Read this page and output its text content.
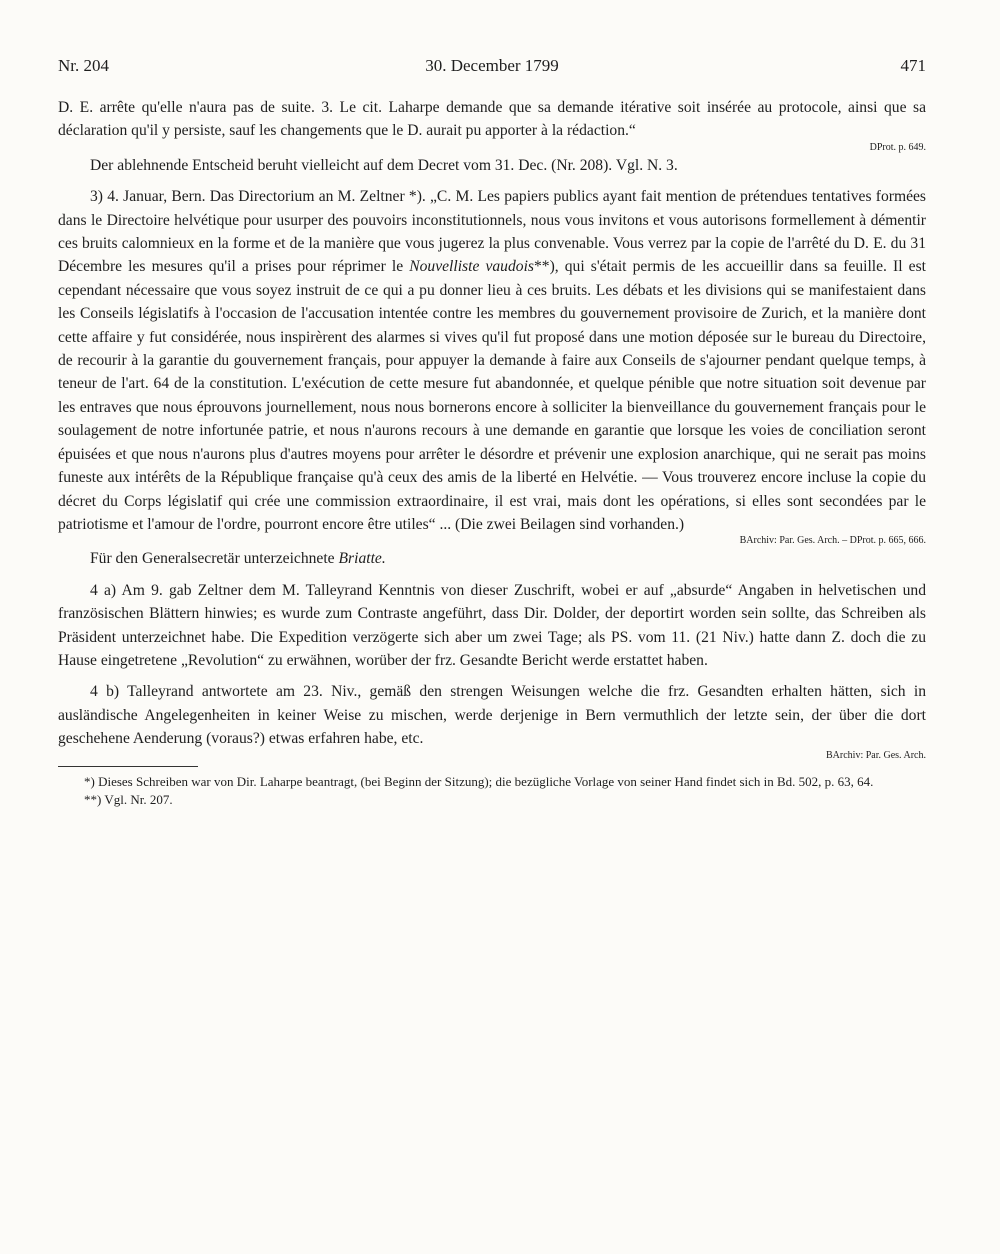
Nr. 204	30. December 1799	471

D. E. arrête qu'elle n'aura pas de suite. 3. Le cit. Laharpe demande que sa demande itérative soit insérée au protocole, ainsi que sa déclaration qu'il y persiste, sauf les changements que le D. aurait pu apporter à la rédaction.“

DProt. p. 649.

Der ablehnende Entscheid beruht vielleicht auf dem Decret vom 31. Dec. (Nr. 208). Vgl. N. 3.

3) 4. Januar, Bern. Das Directorium an M. Zeltner *). „C. M. Les papiers publics ayant fait mention de prétendues tentatives formées dans le Directoire helvétique pour usurper des pouvoirs inconstitutionnels, nous vous invitons et vous autorisons formellement à démentir ces bruits calomnieux en la forme et de la manière que vous jugerez la plus convenable. Vous verrez par la copie de l'arrêté du D. E. du 31 Décembre les mesures qu'il a prises pour réprimer le Nouvelliste vaudois**), qui s'était permis de les accueillir dans sa feuille. Il est cependant nécessaire que vous soyez instruit de ce qui a pu donner lieu à ces bruits. Les débats et les divisions qui se manifestaient dans les Conseils législatifs à l'occasion de l'accusation intentée contre les membres du gouvernement provisoire de Zurich, et la manière dont cette affaire y fut considérée, nous inspirèrent des alarmes si vives qu'il fut proposé dans une motion déposée sur le bureau du Directoire, de recourir à la garantie du gouvernement français, pour appuyer la demande à faire aux Conseils de s'ajourner pendant quelque temps, à teneur de l'art. 64 de la constitution. L'exécution de cette mesure fut abandonnée, et quelque pénible que notre situation soit devenue par les entraves que nous éprouvons journellement, nous nous bornerons encore à solliciter la bienveillance du gouvernement français pour le soulagement de notre infortunée patrie, et nous n'aurons recours à une demande en garantie que lorsque les voies de conciliation seront épuisées et que nous n'aurons plus d'autres moyens pour arrêter le désordre et prévenir une explosion anarchique, qui ne serait pas moins funeste aux intérêts de la République française qu'à ceux des amis de la liberté en Helvétie. — Vous trouverez encore incluse la copie du décret du Corps législatif qui crée une commission extraordinaire, il est vrai, mais dont les opérations, si elles sont secondées par le patriotisme et l'amour de l'ordre, pourront encore être utiles“ ... (Die zwei Beilagen sind vorhanden.)

BArchiv: Par. Ges. Arch. – DProt. p. 665, 666.

Für den Generalsecretär unterzeichnete Briatte.

4 a) Am 9. gab Zeltner dem M. Talleyrand Kenntnis von dieser Zuschrift, wobei er auf „absurde“ Angaben in helvetischen und französischen Blättern hinwies; es wurde zum Contraste angeführt, dass Dir. Dolder, der deportirt worden sein sollte, das Schreiben als Präsident unterzeichnet habe. Die Expedition verzögerte sich aber um zwei Tage; als PS. vom 11. (21 Niv.) hatte dann Z. doch die zu Hause eingetretene „Revolution“ zu erwähnen, worüber der frz. Gesandte Bericht werde erstattet haben.

4 b) Talleyrand antwortete am 23. Niv., gemäß den strengen Weisungen welche die frz. Gesandten erhalten hätten, sich in ausländische Angelegenheiten in keiner Weise zu mischen, werde derjenige in Bern vermuthlich der letzte sein, der über die dort geschehene Aenderung (voraus?) etwas erfahren habe, etc.

BArchiv: Par. Ges. Arch.

*) Dieses Schreiben war von Dir. Laharpe beantragt, (bei Beginn der Sitzung); die bezügliche Vorlage von seiner Hand findet sich in Bd. 502, p. 63, 64.

**) Vgl. Nr. 207.
